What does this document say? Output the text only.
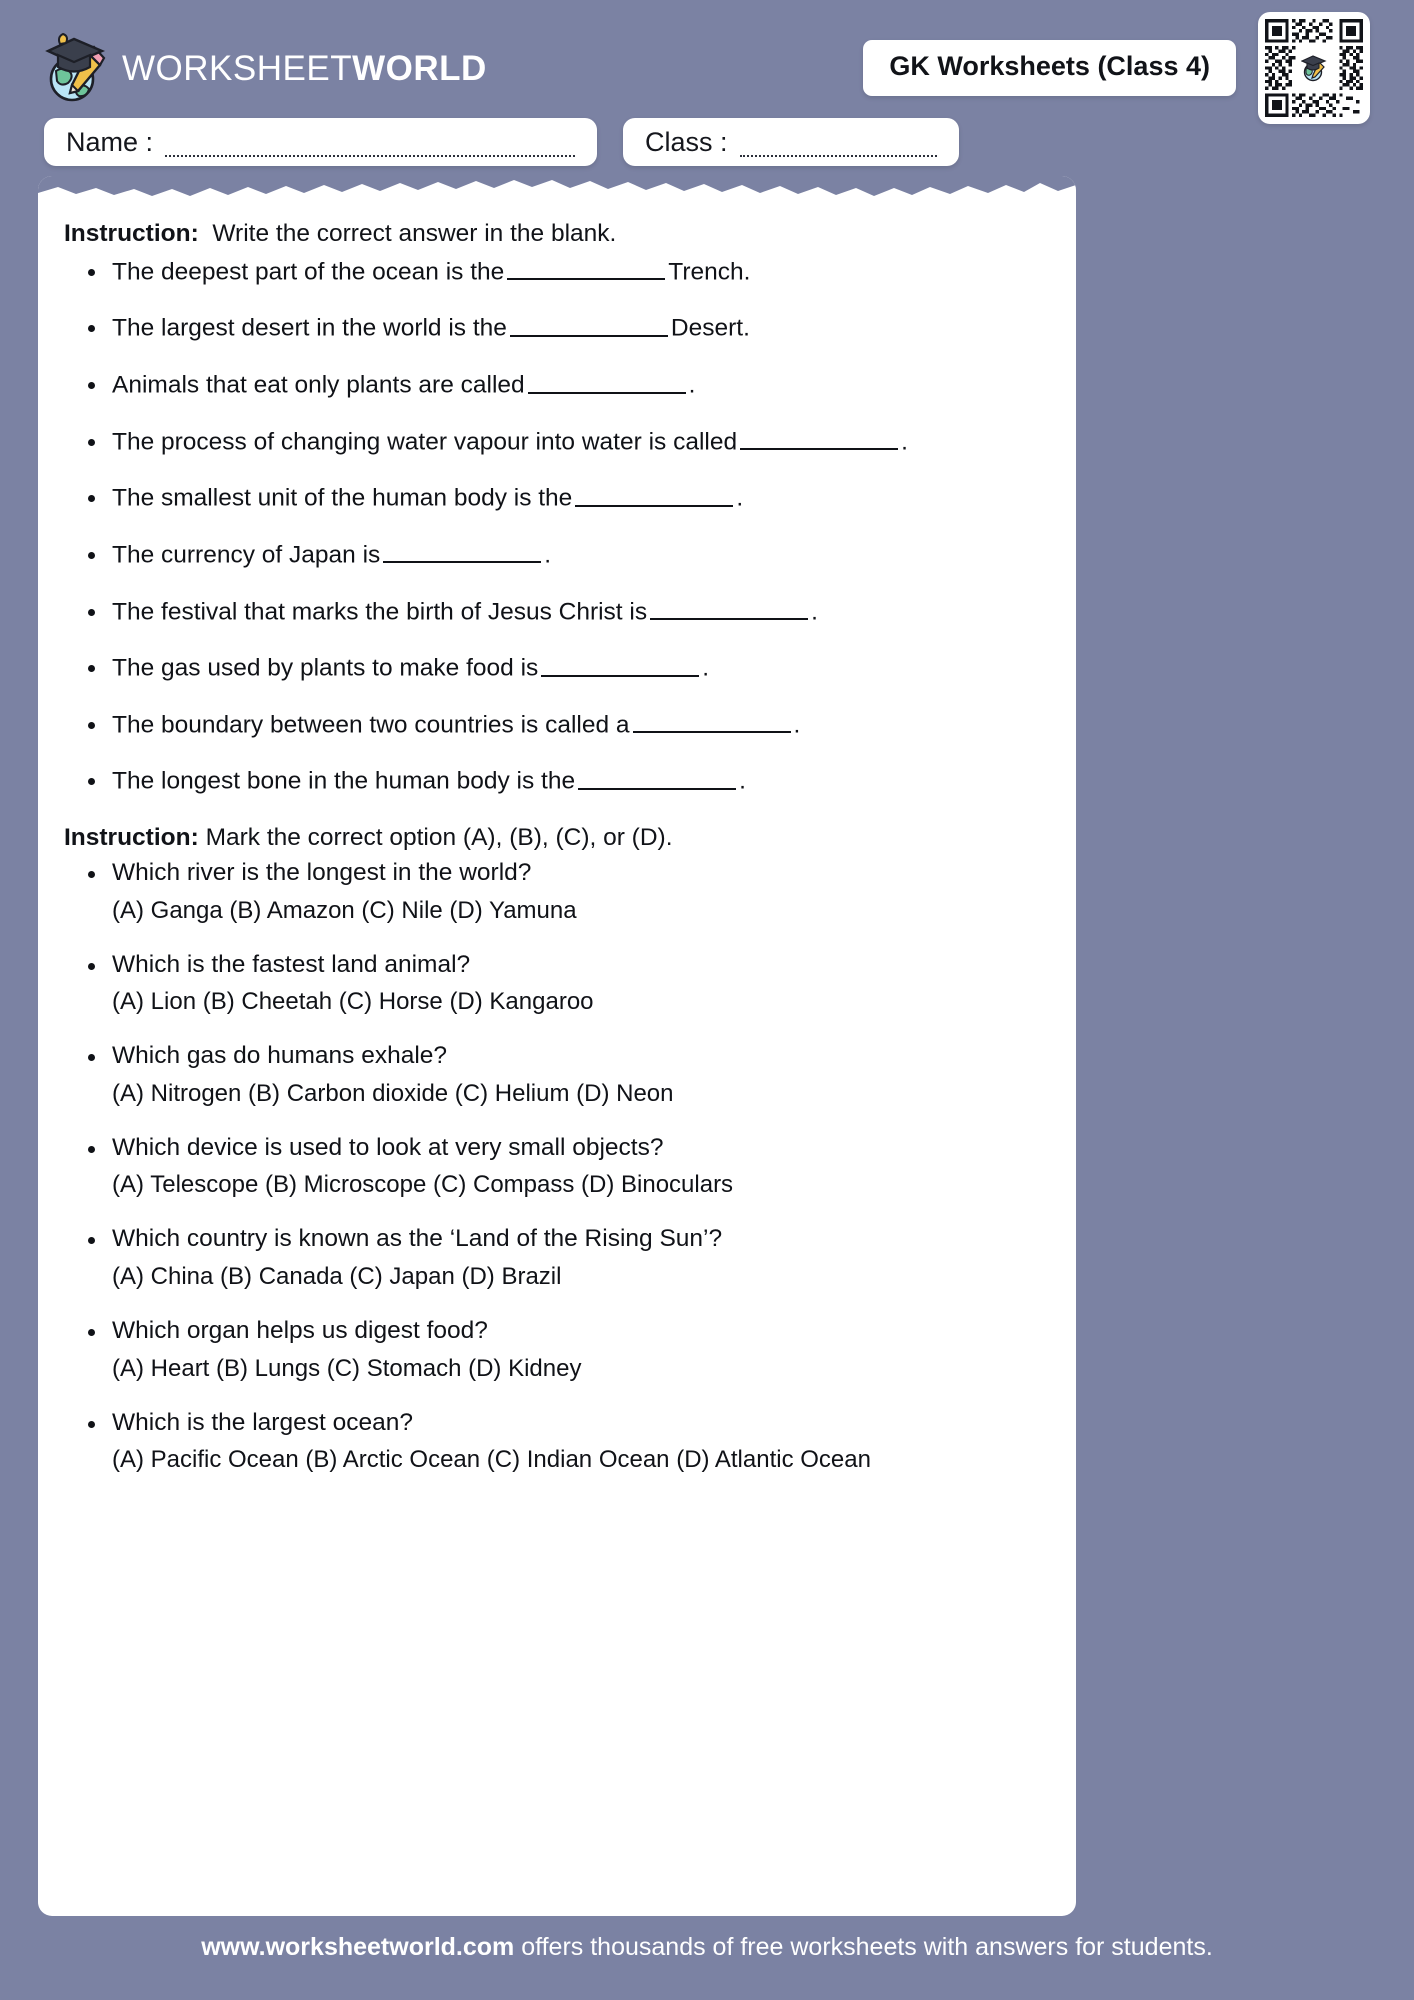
WORKSHEETWORLD	GK Worksheets (Class 4)
Name :	Class :

Instruction: Write the correct answer in the blank.

The deepest part of the ocean is the	Trench.
The largest desert in the world is the	Desert.
Animals that eat only plants are called	.
The process of changing water vapour into water is called	.
The smallest unit of the human body is the	.
The currency of Japan is	.
The festival that marks the birth of Jesus Christ is	.
The gas used by plants to make food is	.
The boundary between two countries is called a	.
The longest bone in the human body is the	.

Instruction: Mark the correct option (A), (B), (C), or (D).

Which river is the longest in the world?
(A) Ganga (B) Amazon (C) Nile (D) Yamuna
Which is the fastest land animal?
(A) Lion (B) Cheetah (C) Horse (D) Kangaroo
Which gas do humans exhale?
(A) Nitrogen (B) Carbon dioxide (C) Helium (D) Neon
Which device is used to look at very small objects?
(A) Telescope (B) Microscope (C) Compass (D) Binoculars
Which country is known as the ‘Land of the Rising Sun’?
(A) China (B) Canada (C) Japan (D) Brazil
Which organ helps us digest food?
(A) Heart (B) Lungs (C) Stomach (D) Kidney
Which is the largest ocean?
(A) Pacific Ocean (B) Arctic Ocean (C) Indian Ocean (D) Atlantic Ocean
www.worksheetworld.com offers thousands of free worksheets with answers for students.
